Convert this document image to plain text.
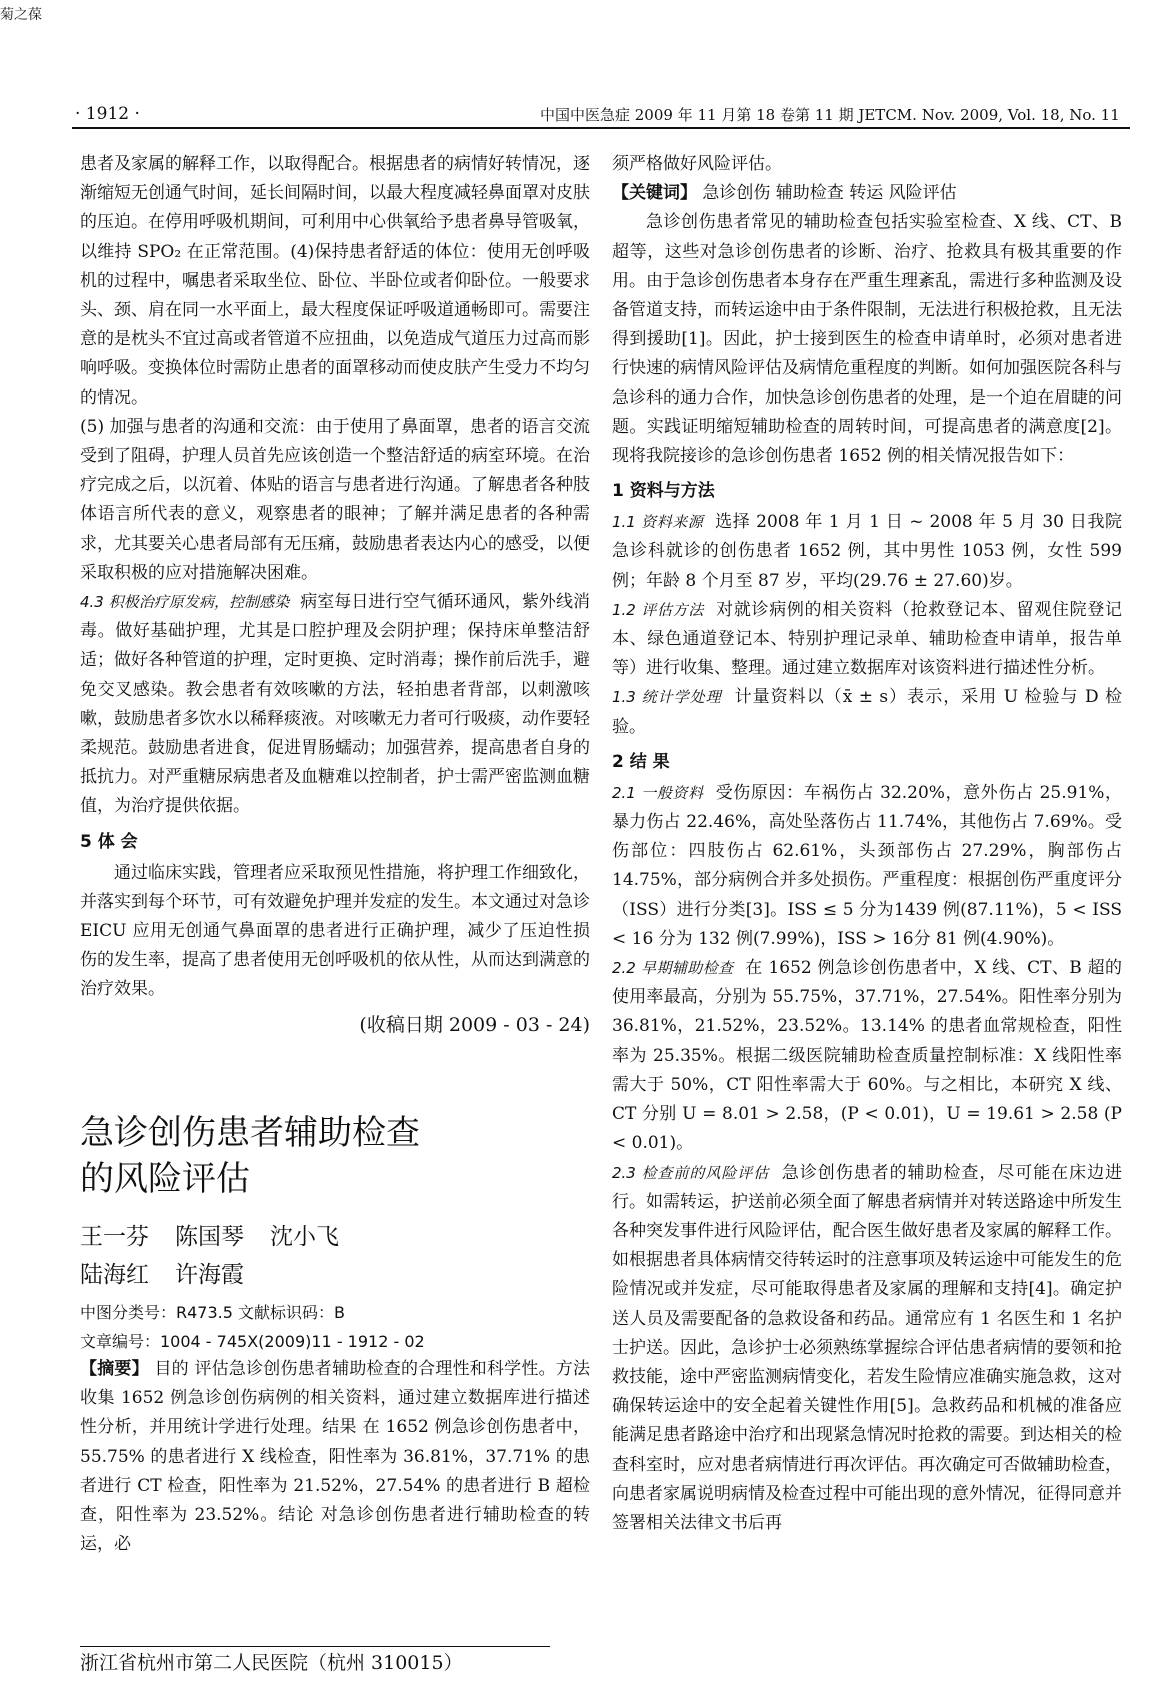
菊之葆
· 1912 ·	中国中医急症 2009 年 11 月第 18 卷第 11 期 JETCM. Nov. 2009, Vol. 18, No. 11

患者及家属的解释工作，以取得配合。根据患者的病情好转情况，逐渐缩短无创通气时间，延长间隔时间，以最大程度减轻鼻面罩对皮肤的压迫。在停用呼吸机期间，可利用中心供氧给予患者鼻导管吸氧，以维持 SPO₂ 在正常范围。(4)保持患者舒适的体位：使用无创呼吸机的过程中，嘱患者采取坐位、卧位、半卧位或者仰卧位。一般要求头、颈、肩在同一水平面上，最大程度保证呼吸道通畅即可。需要注意的是枕头不宜过高或者管道不应扭曲，以免造成气道压力过高而影响呼吸。变换体位时需防止患者的面罩移动而使皮肤产生受力不均匀的情况。

(5) 加强与患者的沟通和交流：由于使用了鼻面罩，患者的语言交流受到了阻碍，护理人员首先应该创造一个整洁舒适的病室环境。在治疗完成之后，以沉着、体贴的语言与患者进行沟通。了解患者各种肢体语言所代表的意义，观察患者的眼神；了解并满足患者的各种需求，尤其要关心患者局部有无压痛，鼓励患者表达内心的感受，以便采取积极的应对措施解决困难。

4.3 积极治疗原发病，控制感染 病室每日进行空气循环通风，紫外线消毒。做好基础护理，尤其是口腔护理及会阴护理；保持床单整洁舒适；做好各种管道的护理，定时更换、定时消毒；操作前后洗手，避免交叉感染。教会患者有效咳嗽的方法，轻拍患者背部，以刺激咳嗽，鼓励患者多饮水以稀释痰液。对咳嗽无力者可行吸痰，动作要轻柔规范。鼓励患者进食，促进胃肠蠕动；加强营养，提高患者自身的抵抗力。对严重糖尿病患者及血糖难以控制者，护士需严密监测血糖值，为治疗提供依据。

5 体 会

通过临床实践，管理者应采取预见性措施，将护理工作细致化，并落实到每个环节，可有效避免护理并发症的发生。本文通过对急诊 EICU 应用无创通气鼻面罩的患者进行正确护理，减少了压迫性损伤的发生率，提高了患者使用无创呼吸机的依从性，从而达到满意的治疗效果。

(收稿日期 2009 - 03 - 24)

急诊创伤患者辅助检查
的风险评估
王一芬 陈国琴 沈小飞
陆海红 许海霞
中图分类号：R473.5 文献标识码：B
文章编号：1004 - 745X(2009)11 - 1912 - 02

【摘要】 目的 评估急诊创伤患者辅助检查的合理性和科学性。方法 收集 1652 例急诊创伤病例的相关资料，通过建立数据库进行描述性分析，并用统计学进行处理。结果 在 1652 例急诊创伤患者中，55.75% 的患者进行 X 线检查，阳性率为 36.81%，37.71% 的患者进行 CT 检查，阳性率为 21.52%，27.54% 的患者进行 B 超检查，阳性率为 23.52%。结论 对急诊创伤患者进行辅助检查的转运，必

浙江省杭州市第二人民医院（杭州 310015）

须严格做好风险评估。

【关键词】 急诊创伤 辅助检查 转运 风险评估

急诊创伤患者常见的辅助检查包括实验室检查、X 线、CT、B 超等，这些对急诊创伤患者的诊断、治疗、抢救具有极其重要的作用。由于急诊创伤患者本身存在严重生理紊乱，需进行多种监测及设备管道支持，而转运途中由于条件限制，无法进行积极抢救，且无法得到援助[1]。因此，护士接到医生的检查申请单时，必须对患者进行快速的病情风险评估及病情危重程度的判断。如何加强医院各科与急诊科的通力合作，加快急诊创伤患者的处理，是一个迫在眉睫的问题。实践证明缩短辅助检查的周转时间，可提高患者的满意度[2]。现将我院接诊的急诊创伤患者 1652 例的相关情况报告如下：

1 资料与方法

1.1 资料来源 选择 2008 年 1 月 1 日 ~ 2008 年 5 月 30 日我院急诊科就诊的创伤患者 1652 例，其中男性 1053 例，女性 599 例；年龄 8 个月至 87 岁，平均(29.76 ± 27.60)岁。

1.2 评估方法 对就诊病例的相关资料（抢救登记本、留观住院登记本、绿色通道登记本、特别护理记录单、辅助检查申请单，报告单等）进行收集、整理。通过建立数据库对该资料进行描述性分析。

1.3 统计学处理 计量资料以（x̄ ± s）表示，采用 U 检验与 D 检验。

2 结 果

2.1 一般资料 受伤原因：车祸伤占 32.20%，意外伤占 25.91%，暴力伤占 22.46%，高处坠落伤占 11.74%，其他伤占 7.69%。受伤部位：四肢伤占 62.61%，头颈部伤占 27.29%，胸部伤占 14.75%，部分病例合并多处损伤。严重程度：根据创伤严重度评分（ISS）进行分类[3]。ISS ≤ 5 分为1439 例(87.11%)，5 < ISS < 16 分为 132 例(7.99%)，ISS > 16分 81 例(4.90%)。

2.2 早期辅助检查 在 1652 例急诊创伤患者中，X 线、CT、B 超的使用率最高，分别为 55.75%，37.71%，27.54%。阳性率分别为 36.81%，21.52%，23.52%。13.14% 的患者血常规检查，阳性率为 25.35%。根据二级医院辅助检查质量控制标准：X 线阳性率需大于 50%，CT 阳性率需大于 60%。与之相比，本研究 X 线、CT 分别 U = 8.01 > 2.58，(P < 0.01)，U = 19.61 > 2.58 (P < 0.01)。

2.3 检查前的风险评估 急诊创伤患者的辅助检查，尽可能在床边进行。如需转运，护送前必须全面了解患者病情并对转送路途中所发生各种突发事件进行风险评估，配合医生做好患者及家属的解释工作。如根据患者具体病情交待转运时的注意事项及转运途中可能发生的危险情况或并发症，尽可能取得患者及家属的理解和支持[4]。确定护送人员及需要配备的急救设备和药品。通常应有 1 名医生和 1 名护士护送。因此，急诊护士必须熟练掌握综合评估患者病情的要领和抢救技能，途中严密监测病情变化，若发生险情应准确实施急救，这对确保转运途中的安全起着关键性作用[5]。急救药品和机械的准备应能满足患者路途中治疗和出现紧急情况时抢救的需要。到达相关的检查科室时，应对患者病情进行再次评估。再次确定可否做辅助检查，向患者家属说明病情及检查过程中可能出现的意外情况，征得同意并签署相关法律文书后再
